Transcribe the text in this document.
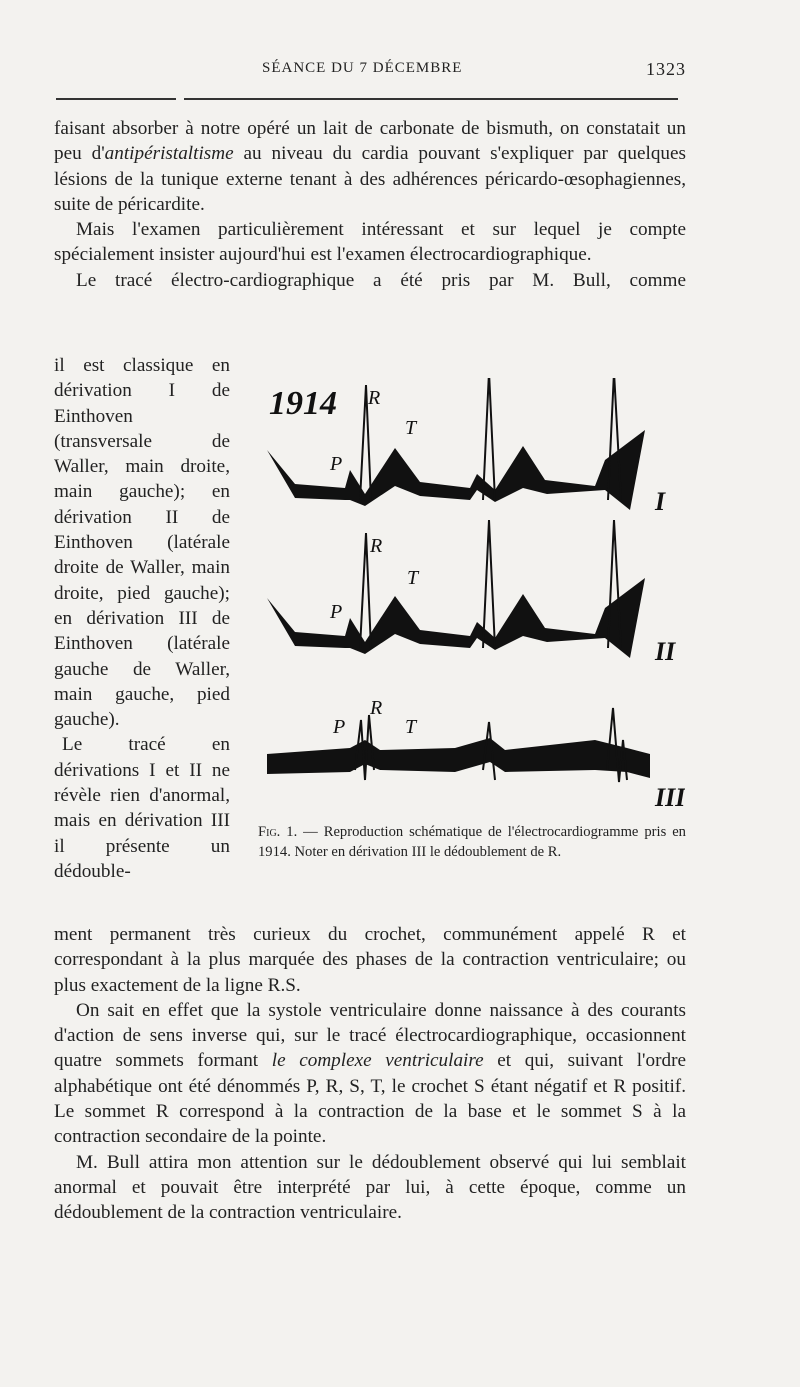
SÉANCE DU 7 DÉCEMBRE	1323

faisant absorber à notre opéré un lait de carbonate de bismuth, on constatait un peu d'antipéristaltisme au niveau du cardia pouvant s'expliquer par quelques lésions de la tunique externe tenant à des adhérences péricardo-œsophagiennes, suite de péricardite.

Mais l'examen particulièrement intéressant et sur lequel je compte spécialement insister aujourd'hui est l'examen électrocardiographique.

Le tracé électro-cardiographique a été pris par M. Bull, comme

il est classique en dérivation I de Einthoven (transversale de Waller, main droite, main gauche); en dérivation II de Einthoven (latérale droite de Waller, main droite, pied gauche); en dérivation III de Einthoven (latérale gauche de Waller, main gauche, pied gauche).
Le tracé en dérivations I et II ne révèle rien d'anormal, mais en dérivation III il présente un dédouble-
1914 R
T
P
I
R
T
P
II
R
P	T
III
Fig. 1. — Reproduction schématique de l'électrocardiogramme pris en 1914. Noter en dérivation III le dédoublement de R.

ment permanent très curieux du crochet, communément appelé R et correspondant à la plus marquée des phases de la contraction ventriculaire; ou plus exactement de la ligne R.S.

On sait en effet que la systole ventriculaire donne naissance à des courants d'action de sens inverse qui, sur le tracé électrocardiographique, occasionnent quatre sommets formant le complexe ventriculaire et qui, suivant l'ordre alphabétique ont été dénommés P, R, S, T, le crochet S étant négatif et R positif. Le sommet R correspond à la contraction de la base et le sommet S à la contraction secondaire de la pointe.

M. Bull attira mon attention sur le dédoublement observé qui lui semblait anormal et pouvait être interprété par lui, à cette époque, comme un dédoublement de la contraction ventriculaire.
